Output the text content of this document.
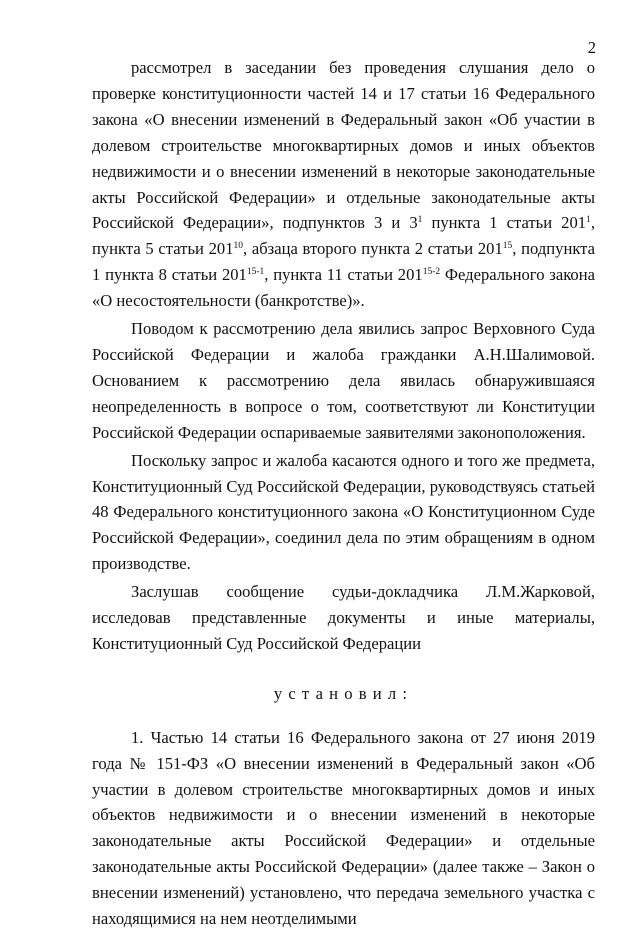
2

рассмотрел в заседании без проведения слушания дело о проверке конституционности частей 14 и 17 статьи 16 Федерального закона «О внесении изменений в Федеральный закон «Об участии в долевом строительстве многоквартирных домов и иных объектов недвижимости и о внесении изменений в некоторые законодательные акты Российской Федерации» и отдельные законодательные акты Российской Федерации», подпунктов 3 и $3^1$ пункта 1 статьи $201^1$, пункта 5 статьи $201^{10}$, абзаца второго пункта 2 статьи $201^{15}$, подпункта 1 пункта 8 статьи 201$^{15-1}$, пункта 11 статьи 201$^{15-2}$ Федерального закона «О несостоятельности (банкротстве)».

Поводом к рассмотрению дела явились запрос Верховного Суда Российской Федерации и жалоба гражданки А.Н.Шалимовой. Основанием к рассмотрению дела явилась обнаружившаяся неопределенность в вопросе о том, соответствуют ли Конституции Российской Федерации оспариваемые заявителями законоположения.

Поскольку запрос и жалоба касаются одного и того же предмета, Конституционный Суд Российской Федерации, руководствуясь статьей 48 Федерального конституционного закона «О Конституционном Суде Российской Федерации», соединил дела по этим обращениям в одном производстве.

Заслушав сообщение судьи-докладчика Л.М.Жарковой, исследовав представленные документы и иные материалы, Конституционный Суд Российской Федерации

установил:

1. Частью 14 статьи 16 Федерального закона от 27 июня 2019 года № 151-ФЗ «О внесении изменений в Федеральный закон «Об участии в долевом строительстве многоквартирных домов и иных объектов недвижимости и о внесении изменений в некоторые законодательные акты Российской Федерации» и отдельные законодательные акты Российской Федерации» (далее также – Закон о внесении изменений) установлено, что передача земельного участка с находящимися на нем неотделимыми
